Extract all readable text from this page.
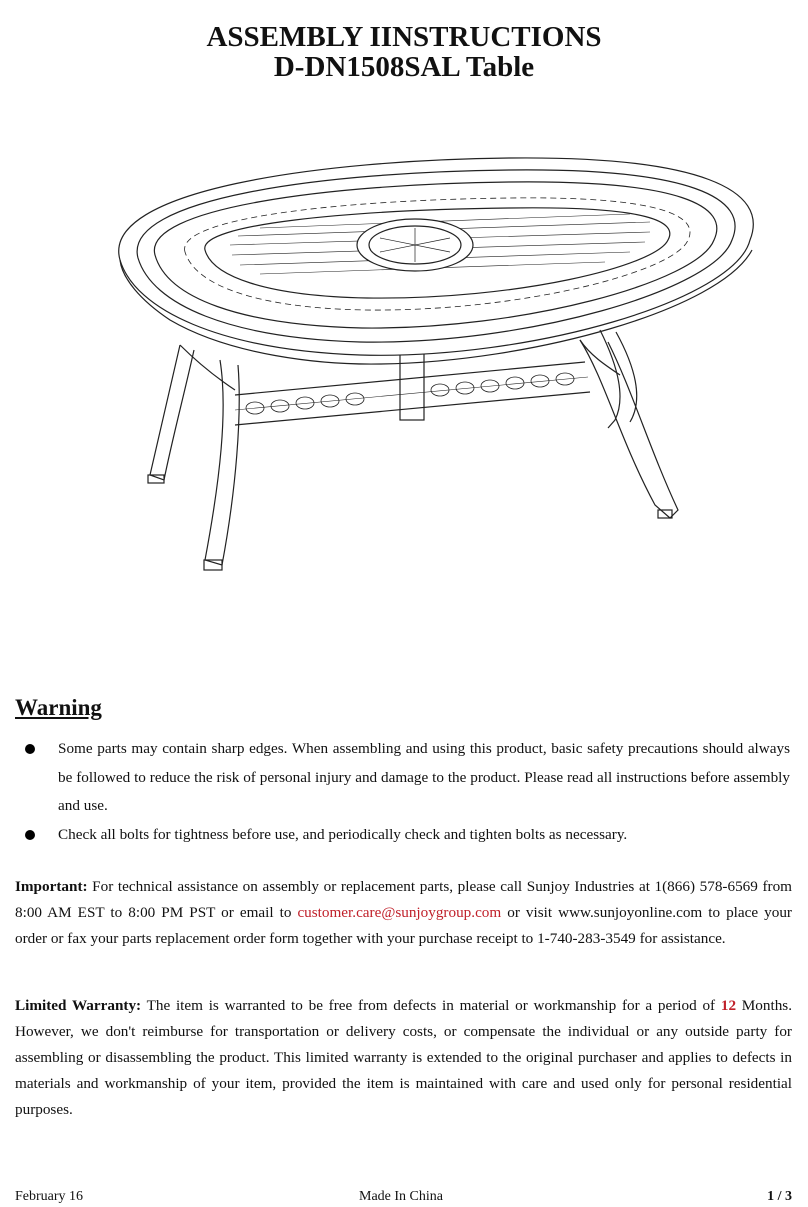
ASSEMBLY IINSTRUCTIONS
D-DN1508SAL Table
Warning
Some parts may contain sharp edges. When assembling and using this product, basic safety precautions should always be followed to reduce the risk of personal injury and damage to the product. Please read all instructions before assembly and use.
Check all bolts for tightness before use, and periodically check and tighten bolts as necessary.

Important: For technical assistance on assembly or replacement parts, please call Sunjoy Industries at 1(866) 578-6569 from 8:00 AM EST to 8:00 PM PST or email to customer.care@sunjoygroup.com or visit www.sunjoyonline.com to place your order or fax your parts replacement order form together with your purchase receipt to 1-740-283-3549 for assistance.

Limited Warranty: The item is warranted to be free from defects in material or workmanship for a period of 12 Months. However, we don't reimburse for transportation or delivery costs, or compensate the individual or any outside party for assembling or disassembling the product. This limited warranty is extended to the original purchaser and applies to defects in materials and workmanship of your item, provided the item is maintained with care and used only for personal residential purposes.

February 16	Made In China	1 / 3
